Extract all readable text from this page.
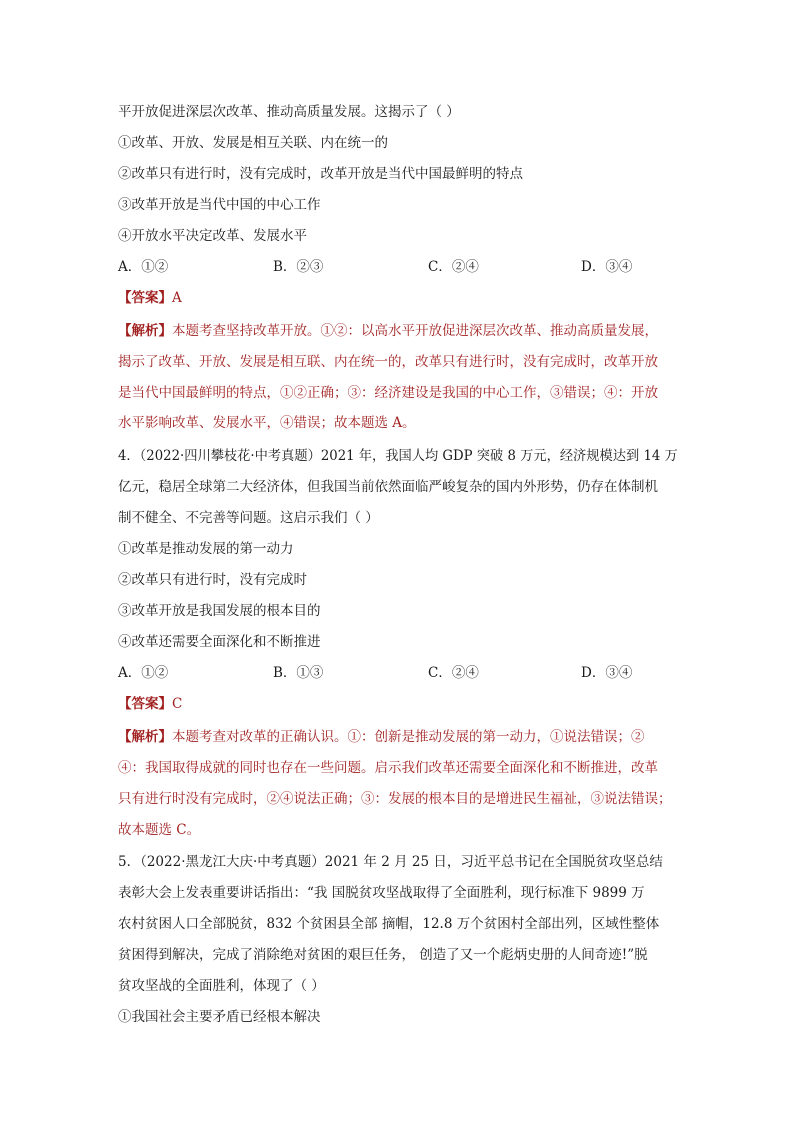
平开放促进深层次改革、推动高质量发展。这揭示了（ ）
①改革、开放、发展是相互关联、内在统一的
②改革只有进行时，没有完成时，改革开放是当代中国最鲜明的特点
③改革开放是当代中国的中心工作
④开放水平决定改革、发展水平
A．①②	B．②③	C．②④	D．③④
【答案】A
【解析】本题考查坚持改革开放。①②：以高水平开放促进深层次改革、推动高质量发展，
揭示了改革、开放、发展是相互联、内在统一的，改革只有进行时，没有完成时，改革开放
是当代中国最鲜明的特点，①②正确；③：经济建设是我国的中心工作，③错误；④：开放
水平影响改革、发展水平，④错误；故本题选 A。
4．（2022·四川攀枝花·中考真题）2021 年，我国人均 GDP 突破 8 万元，经济规模达到 14 万
亿元，稳居全球第二大经济体，但我国当前依然面临严峻复杂的国内外形势，仍存在体制机
制不健全、不完善等问题。这启示我们（ ）
①改革是推动发展的第一动力
②改革只有进行时，没有完成时
③改革开放是我国发展的根本目的
④改革还需要全面深化和不断推进
A．①②	B．①③	C．②④	D．③④
【答案】C
【解析】本题考查对改革的正确认识。①：创新是推动发展的第一动力，①说法错误；②
④：我国取得成就的同时也存在一些问题。启示我们改革还需要全面深化和不断推进，改革
只有进行时没有完成时，②④说法正确；③：发展的根本目的是增进民生福祉，③说法错误；
故本题选 C。
5．（2022·黑龙江大庆·中考真题）2021 年 2 月 25 日，习近平总书记在全国脱贫攻坚总结
表彰大会上发表重要讲话指出：“我 国脱贫攻坚战取得了全面胜利，现行标准下 9899 万
农村贫困人口全部脱贫，832 个贫困县全部 摘帽，12.8 万个贫困村全部出列，区域性整体
贫困得到解决，完成了消除绝对贫困的艰巨任务， 创造了又一个彪炳史册的人间奇迹!”脱
贫攻坚战的全面胜利，体现了（ ）
①我国社会主要矛盾已经根本解决
